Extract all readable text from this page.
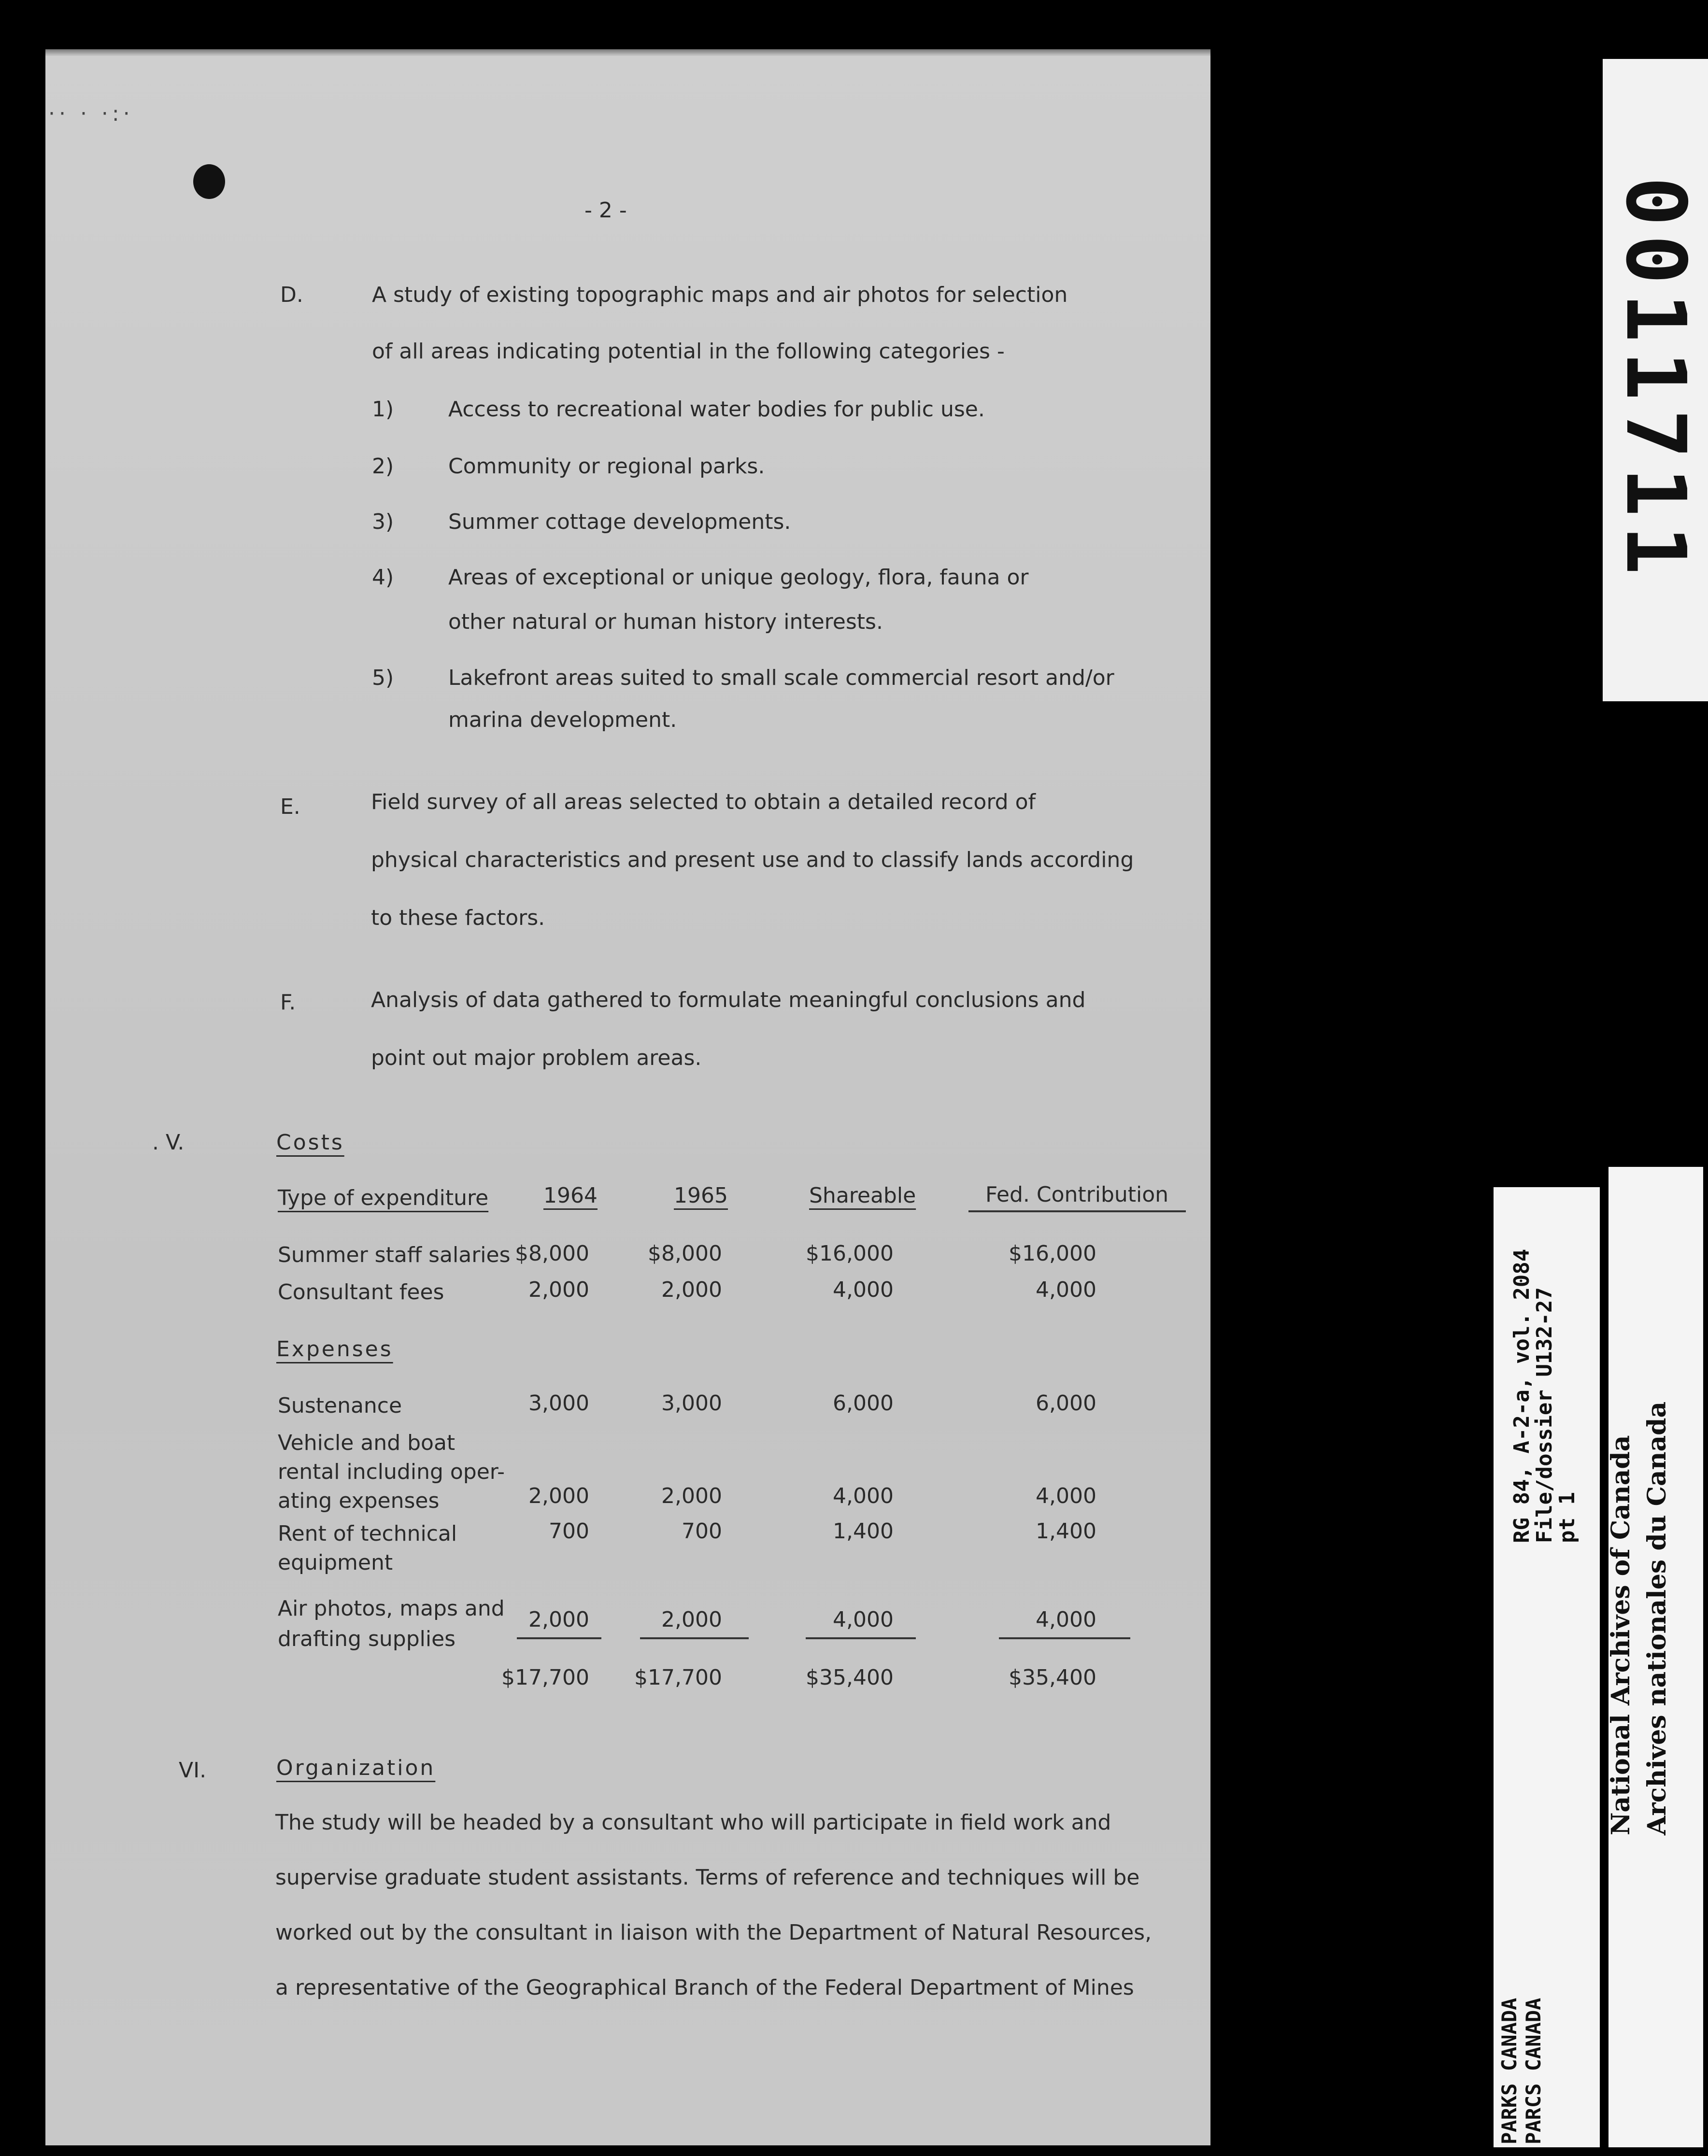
·· · ·:·
- 2 -
D.	A study of existing topographic maps and air photos for selection
of all areas indicating potential in the following categories -
1)	Access to recreational water bodies for public use.
2)	Community or regional parks.
3)	Summer cottage developments.
4)	Areas of exceptional or unique geology, flora, fauna or
other natural or human history interests.
5)	Lakefront areas suited to small scale commercial resort and/or
marina development.
E.	Field survey of all areas selected to obtain a detailed record of
physical characteristics and present use and to classify lands according
to these factors.
F.	Analysis of data gathered to formulate meaningful conclusions and
point out major problem areas.
. V.	Costs
Type of expenditure	1964	1965	Shareable	Fed. Contribution
Summer staff salaries $8,000	$8,000	$16,000	$16,000
Consultant fees	2,000	2,000	4,000	4,000
Expenses
Sustenance	3,000	3,000	6,000	6,000
Vehicle and boat
rental including oper-
ating expenses	2,000	2,000	4,000	4,000
Rent of technical
equipment
700	700	1,400	1,400
Air photos, maps and
drafting supplies
2,000	2,000	4,000	4,000
$17,700	$17,700	$35,400	$35,400
VI.	Organization
The study will be headed by a consultant who will participate in field work and
supervise graduate student assistants. Terms of reference and techniques will be
worked out by the consultant in liaison with the Department of Natural Resources,
a representative of the Geographical Branch of the Federal Department of Mines
0011711
RG 84, A-2-a, vol. 2084
File/dossier U132-27
pt 1
PARKS CANADA PARCS CANADA
National Archives of Canada Archives nationales du Canada
